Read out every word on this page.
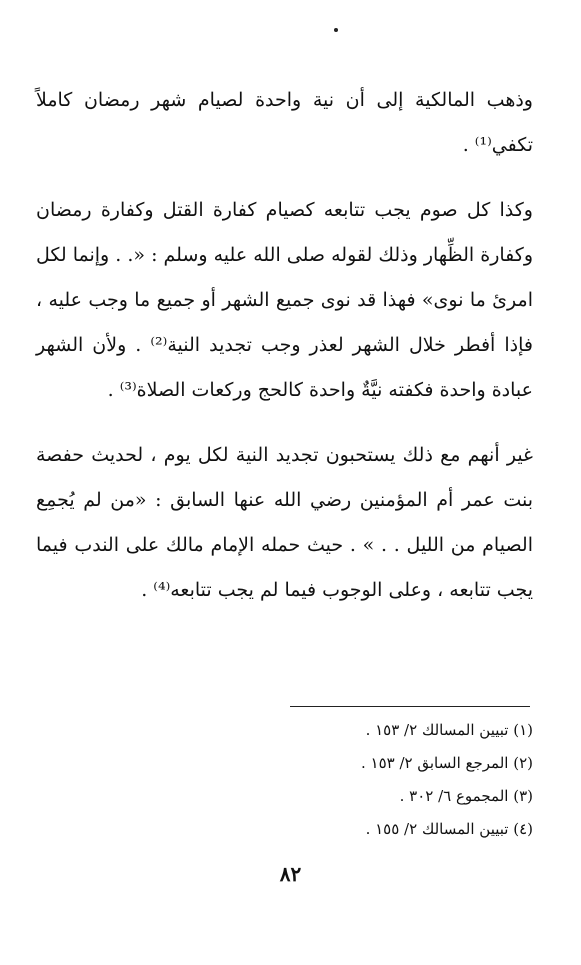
وذهب المالكية إلى أن نية واحدة لصيام شهر رمضان كاملاً تكفي⁽¹⁾ .

وكذا كل صوم يجب تتابعه كصيام كفارة القتل وكفارة رمضان وكفارة الظِّهار وذلك لقوله صلى الله عليه وسلم : «. . وإنما لكل امرئ ما نوى» فهذا قد نوى جميع الشهر أو جميع ما وجب عليه ، فإذا أفطر خلال الشهر لعذر وجب تجديد النية⁽²⁾ . ولأن الشهر عبادة واحدة فكفته نيَّةٌ واحدة كالحج وركعات الصلاة⁽³⁾ .

غير أنهم مع ذلك يستحبون تجديد النية لكل يوم ، لحديث حفصة بنت عمر أم المؤمنين رضي الله عنها السابق : «من لم يُجمِع الصيام من الليل . . » . حيث حمله الإمام مالك على الندب فيما يجب تتابعه ، وعلى الوجوب فيما لم يجب تتابعه⁽⁴⁾ .

(١) تبيين المسالك ٢/ ١٥٣ .
(٢) المرجع السابق ٢/ ١٥٣ .
(٣) المجموع ٦/ ٣٠٢ .
(٤) تبيين المسالك ٢/ ١٥٥ .
٨٢
